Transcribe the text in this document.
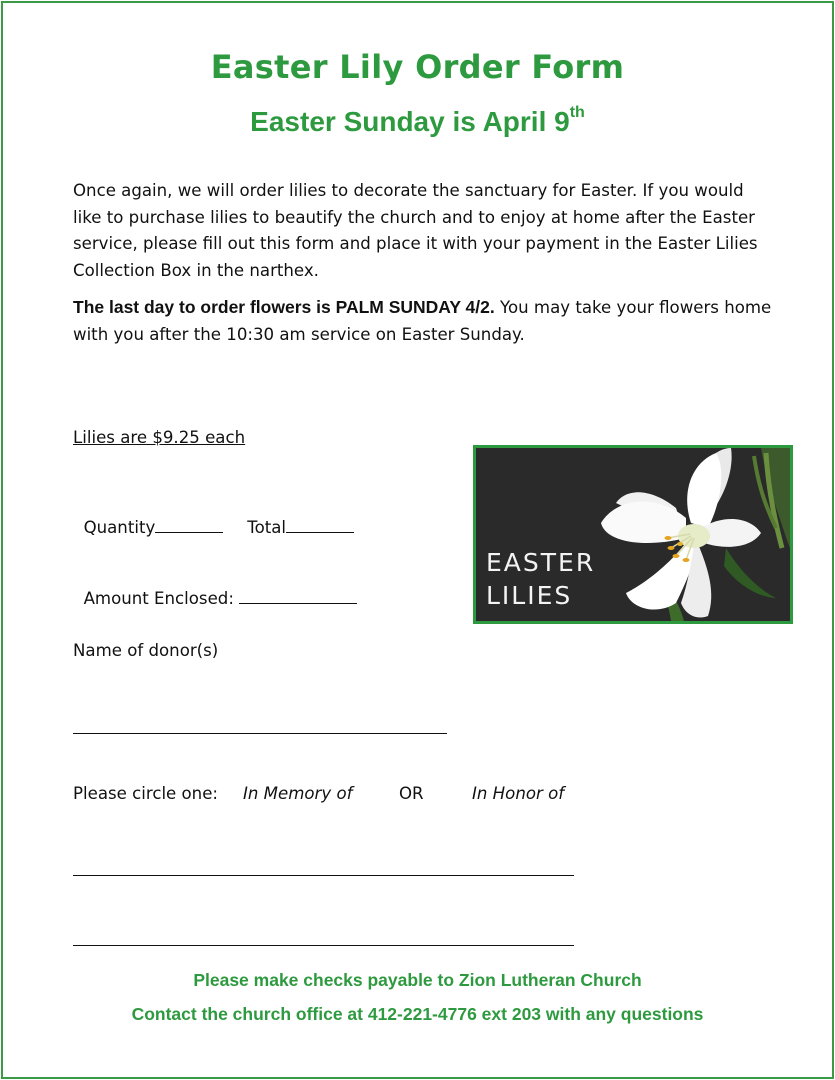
Easter Lily Order Form
Easter Sunday is April 9th

Once again, we will order lilies to decorate the sanctuary for Easter. If you would like to purchase lilies to beautify the church and to enjoy at home after the Easter service, please fill out this form and place it with your payment in the Easter Lilies Collection Box in the narthex.

The last day to order flowers is PALM SUNDAY 4/2. You may take your flowers home with you after the 10:30 am service on Easter Sunday.

Lilies are $9.25 each

Quantity	Total

Amount Enclosed:

Name of donor(s)
Please circle one: In Memory of	OR	In Honor of
EASTER
LILIES
Please make checks payable to Zion Lutheran Church
Contact the church office at 412-221-4776 ext 203 with any questions
